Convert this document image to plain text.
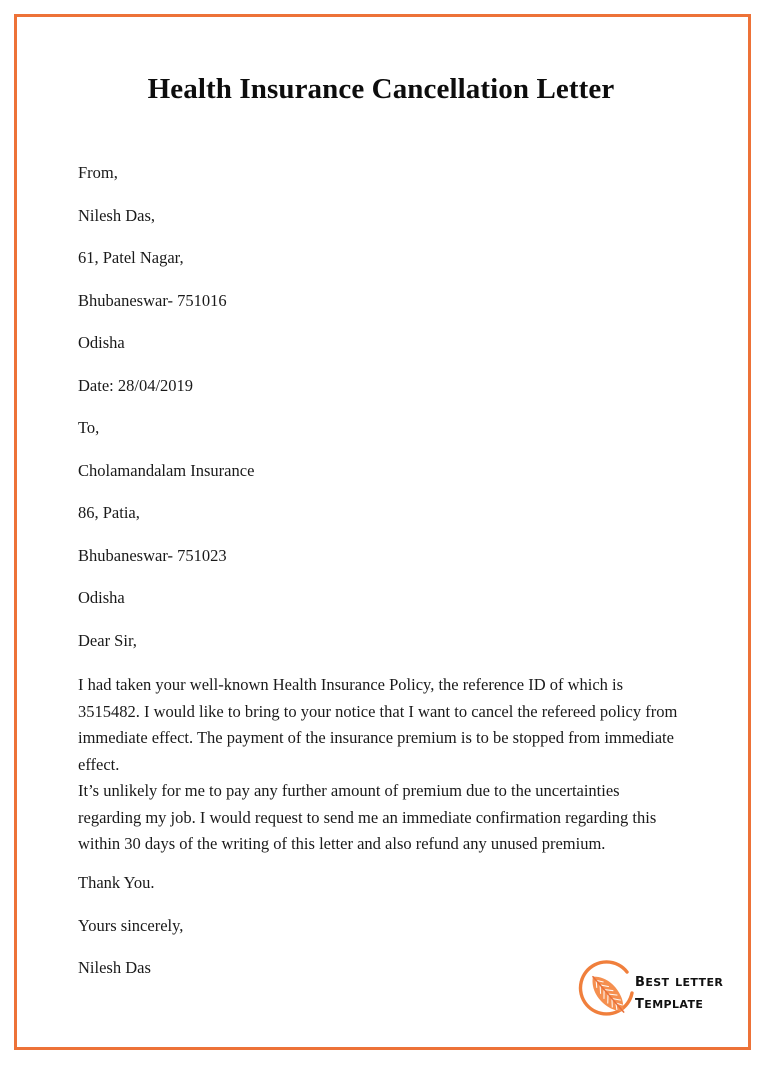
Health Insurance Cancellation Letter
From,
Nilesh Das,
61, Patel Nagar,
Bhubaneswar- 751016
Odisha
Date: 28/04/2019
To,
Cholamandalam Insurance
86, Patia,
Bhubaneswar- 751023
Odisha
Dear Sir,
I had taken your well-known Health Insurance Policy, the reference ID of which is 3515482. I would like to bring to your notice that I want to cancel the refereed policy from immediate effect. The payment of the insurance premium is to be stopped from immediate effect.
It’s unlikely for me to pay any further amount of premium due to the uncertainties regarding my job. I would request to send me an immediate confirmation regarding this within 30 days of the writing of this letter and also refund any unused premium.
Thank You.
Yours sincerely,
Nilesh Das
best letter
template
